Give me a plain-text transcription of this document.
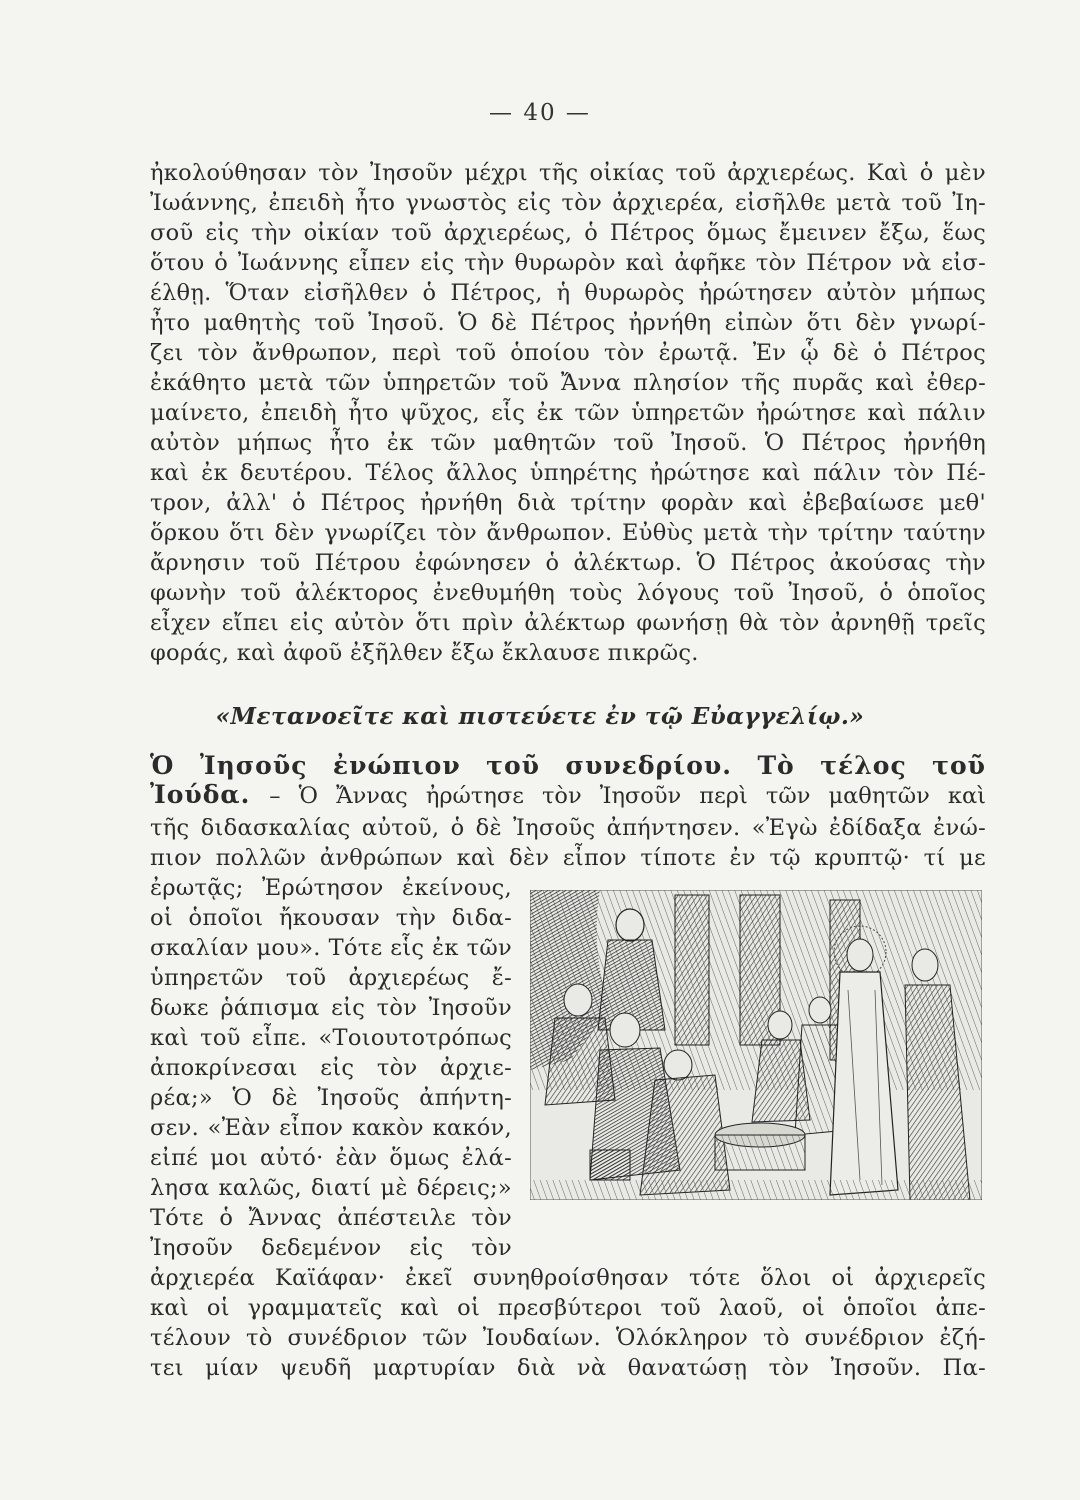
— 40 —
ἠκολούθησαν τὸν Ἰησοῦν μέχρι τῆς οἰκίας τοῦ ἀρχιερέως. Καὶ ὁ μὲν
Ἰωάννης, ἐπειδὴ ἦτο γνωστὸς εἰς τὸν ἀρχιερέα, εἰσῆλθε μετὰ τοῦ Ἰη-
σοῦ εἰς τὴν οἰκίαν τοῦ ἀρχιερέως, ὁ Πέτρος ὅμως ἔμεινεν ἔξω, ἕως
ὅτου ὁ Ἰωάννης εἶπεν εἰς τὴν θυρωρὸν καὶ ἀφῆκε τὸν Πέτρον νὰ εἰσ-
έλθῃ. Ὅταν εἰσῆλθεν ὁ Πέτρος, ἡ θυρωρὸς ἠρώτησεν αὐτὸν μήπως
ἦτο μαθητὴς τοῦ Ἰησοῦ. Ὁ δὲ Πέτρος ἠρνήθη εἰπὼν ὅτι δὲν γνωρί-
ζει τὸν ἄνθρωπον, περὶ τοῦ ὁποίου τὸν ἐρωτᾷ. Ἐν ᾧ δὲ ὁ Πέτρος
ἐκάθητο μετὰ τῶν ὑπηρετῶν τοῦ Ἄννα πλησίον τῆς πυρᾶς καὶ ἐθερ-
μαίνετο, ἐπειδὴ ἦτο ψῦχος, εἷς ἐκ τῶν ὑπηρετῶν ἠρώτησε καὶ πάλιν
αὐτὸν μήπως ἦτο ἐκ τῶν μαθητῶν τοῦ Ἰησοῦ. Ὁ Πέτρος ἠρνήθη
καὶ ἐκ δευτέρου. Τέλος ἄλλος ὑπηρέτης ἠρώτησε καὶ πάλιν τὸν Πέ-
τρον, ἀλλ' ὁ Πέτρος ἠρνήθη διὰ τρίτην φορὰν καὶ ἐβεβαίωσε μεθ'
ὅρκου ὅτι δὲν γνωρίζει τὸν ἄνθρωπον. Εὐθὺς μετὰ τὴν τρίτην ταύτην
ἄρνησιν τοῦ Πέτρου ἐφώνησεν ὁ ἀλέκτωρ. Ὁ Πέτρος ἀκούσας τὴν
φωνὴν τοῦ ἀλέκτορος ἐνεθυμήθη τοὺς λόγους τοῦ Ἰησοῦ, ὁ ὁποῖος
εἶχεν εἴπει εἰς αὐτὸν ὅτι πρὶν ἀλέκτωρ φωνήσῃ θὰ τὸν ἀρνηθῇ τρεῖς
φοράς, καὶ ἀφοῦ ἐξῆλθεν ἔξω ἔκλαυσε πικρῶς.
«Μετανοεῖτε καὶ πιστεύετε ἐν τῷ Εὐαγγελίῳ.»
Ὁ Ἰησοῦς ἐνώπιον τοῦ συνεδρίου. Τὸ τέλος τοῦ
Ἰούδα. – Ὁ Ἄννας ἠρώτησε τὸν Ἰησοῦν περὶ τῶν μαθητῶν καὶ
τῆς διδασκαλίας αὐτοῦ, ὁ δὲ Ἰησοῦς ἀπήντησεν. «Ἐγὼ ἐδίδαξα ἐνώ-
πιον πολλῶν ἀνθρώπων καὶ δὲν εἶπον τίποτε ἐν τῷ κρυπτῷ· τί με
ἐρωτᾷς; Ἐρώτησον ἐκείνους,
οἱ ὁποῖοι ἤκουσαν τὴν διδα-
σκαλίαν μου». Τότε εἷς ἐκ τῶν
ὑπηρετῶν τοῦ ἀρχιερέως ἔ-
δωκε ῥάπισμα εἰς τὸν Ἰησοῦν
καὶ τοῦ εἶπε. «Τοιουτοτρόπως
ἀποκρίνεσαι εἰς τὸν ἀρχιε-
ρέα;» Ὁ δὲ Ἰησοῦς ἀπήντη-
σεν. «Ἐὰν εἶπον κακὸν κακόν,
εἰπέ μοι αὐτό· ἐὰν ὅμως ἐλά-
λησα καλῶς, διατί μὲ δέρεις;»
Τότε ὁ Ἄννας ἀπέστειλε τὸν
Ἰησοῦν δεδεμένον εἰς τὸν
ἀρχιερέα Καϊάφαν· ἐκεῖ συνηθροίσθησαν τότε ὅλοι οἱ ἀρχιερεῖς
καὶ οἱ γραμματεῖς καὶ οἱ πρεσβύτεροι τοῦ λαοῦ, οἱ ὁποῖοι ἀπε-
τέλουν τὸ συνέδριον τῶν Ἰουδαίων. Ὁλόκληρον τὸ συνέδριον ἐζή-
τει μίαν ψευδῆ μαρτυρίαν διὰ νὰ θανατώσῃ τὸν Ἰησοῦν. Πα-
